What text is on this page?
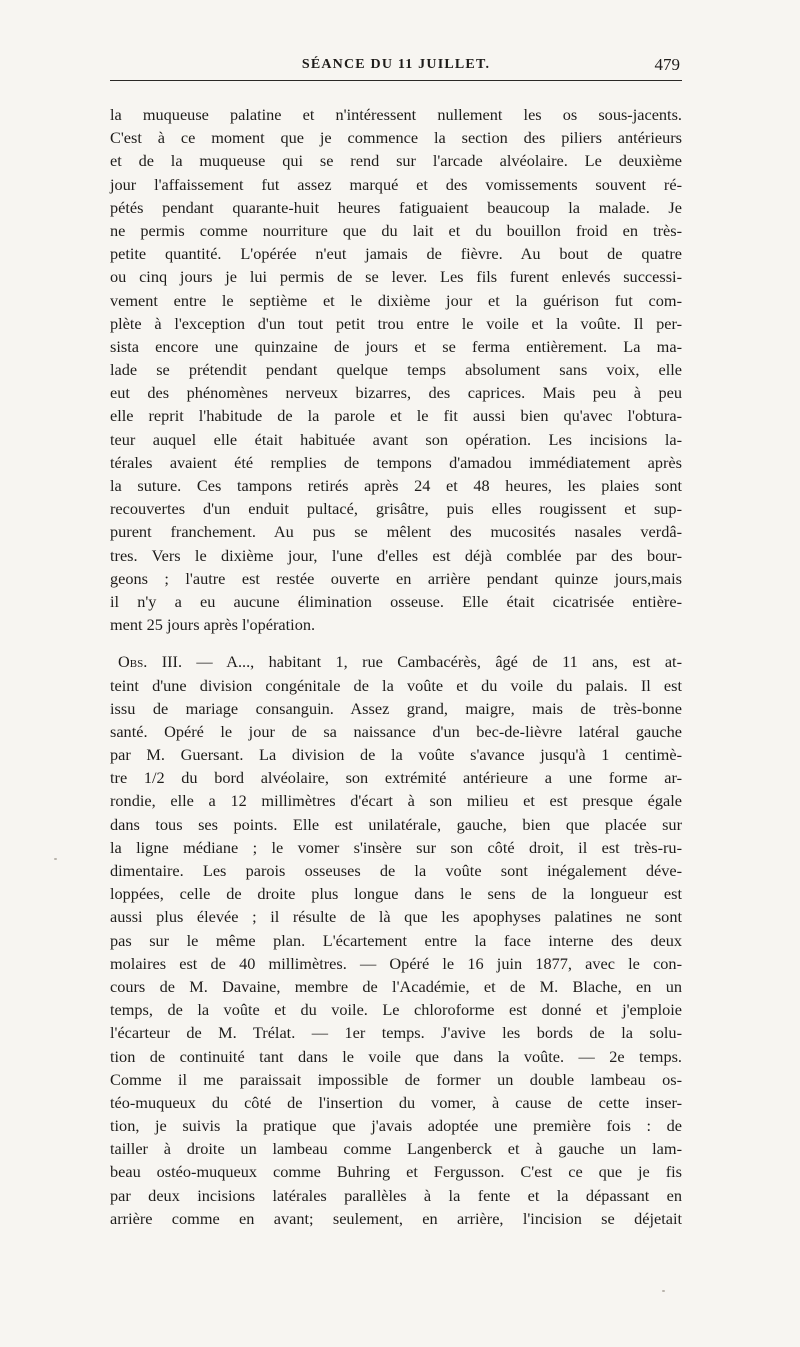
SÉANCE DU 11 JUILLET.	479
la muqueuse palatine et n'intéressent nullement les os sous-jacents.
C'est à ce moment que je commence la section des piliers antérieurs
et de la muqueuse qui se rend sur l'arcade alvéolaire. Le deuxième
jour l'affaissement fut assez marqué et des vomissements souvent ré-
pétés pendant quarante-huit heures fatiguaient beaucoup la malade. Je
ne permis comme nourriture que du lait et du bouillon froid en très-
petite quantité. L'opérée n'eut jamais de fièvre. Au bout de quatre
ou cinq jours je lui permis de se lever. Les fils furent enlevés successi-
vement entre le septième et le dixième jour et la guérison fut com-
plète à l'exception d'un tout petit trou entre le voile et la voûte. Il per-
sista encore une quinzaine de jours et se ferma entièrement. La ma-
lade se prétendit pendant quelque temps absolument sans voix, elle
eut des phénomènes nerveux bizarres, des caprices. Mais peu à peu
elle reprit l'habitude de la parole et le fit aussi bien qu'avec l'obtura-
teur auquel elle était habituée avant son opération. Les incisions la-
térales avaient été remplies de tempons d'amadou immédiatement après
la suture. Ces tampons retirés après 24 et 48 heures, les plaies sont
recouvertes d'un enduit pultacé, grisâtre, puis elles rougissent et sup-
purent franchement. Au pus se mêlent des mucosités nasales verdâ-
tres. Vers le dixième jour, l'une d'elles est déjà comblée par des bour-
geons ; l'autre est restée ouverte en arrière pendant quinze jours,mais
il n'y a eu aucune élimination osseuse. Elle était cicatrisée entière-
ment 25 jours après l'opération.
Obs. III. — A..., habitant 1, rue Cambacérès, âgé de 11 ans, est at-
teint d'une division congénitale de la voûte et du voile du palais. Il est
issu de mariage consanguin. Assez grand, maigre, mais de très-bonne
santé. Opéré le jour de sa naissance d'un bec-de-lièvre latéral gauche
par M. Guersant. La division de la voûte s'avance jusqu'à 1 centimè-
tre 1/2 du bord alvéolaire, son extrémité antérieure a une forme ar-
rondie, elle a 12 millimètres d'écart à son milieu et est presque égale
dans tous ses points. Elle est unilatérale, gauche, bien que placée sur
la ligne médiane ; le vomer s'insère sur son côté droit, il est très-ru-
dimentaire. Les parois osseuses de la voûte sont inégalement déve-
loppées, celle de droite plus longue dans le sens de la longueur est
aussi plus élevée ; il résulte de là que les apophyses palatines ne sont
pas sur le même plan. L'écartement entre la face interne des deux
molaires est de 40 millimètres. — Opéré le 16 juin 1877, avec le con-
cours de M. Davaine, membre de l'Académie, et de M. Blache, en un
temps, de la voûte et du voile. Le chloroforme est donné et j'emploie
l'écarteur de M. Trélat. — 1er temps. J'avive les bords de la solu-
tion de continuité tant dans le voile que dans la voûte. — 2e temps.
Comme il me paraissait impossible de former un double lambeau os-
téo-muqueux du côté de l'insertion du vomer, à cause de cette inser-
tion, je suivis la pratique que j'avais adoptée une première fois : de
tailler à droite un lambeau comme Langenberck et à gauche un lam-
beau ostéo-muqueux comme Buhring et Fergusson. C'est ce que je fis
par deux incisions latérales parallèles à la fente et la dépassant en
arrière comme en avant; seulement, en arrière, l'incision se déjetait
